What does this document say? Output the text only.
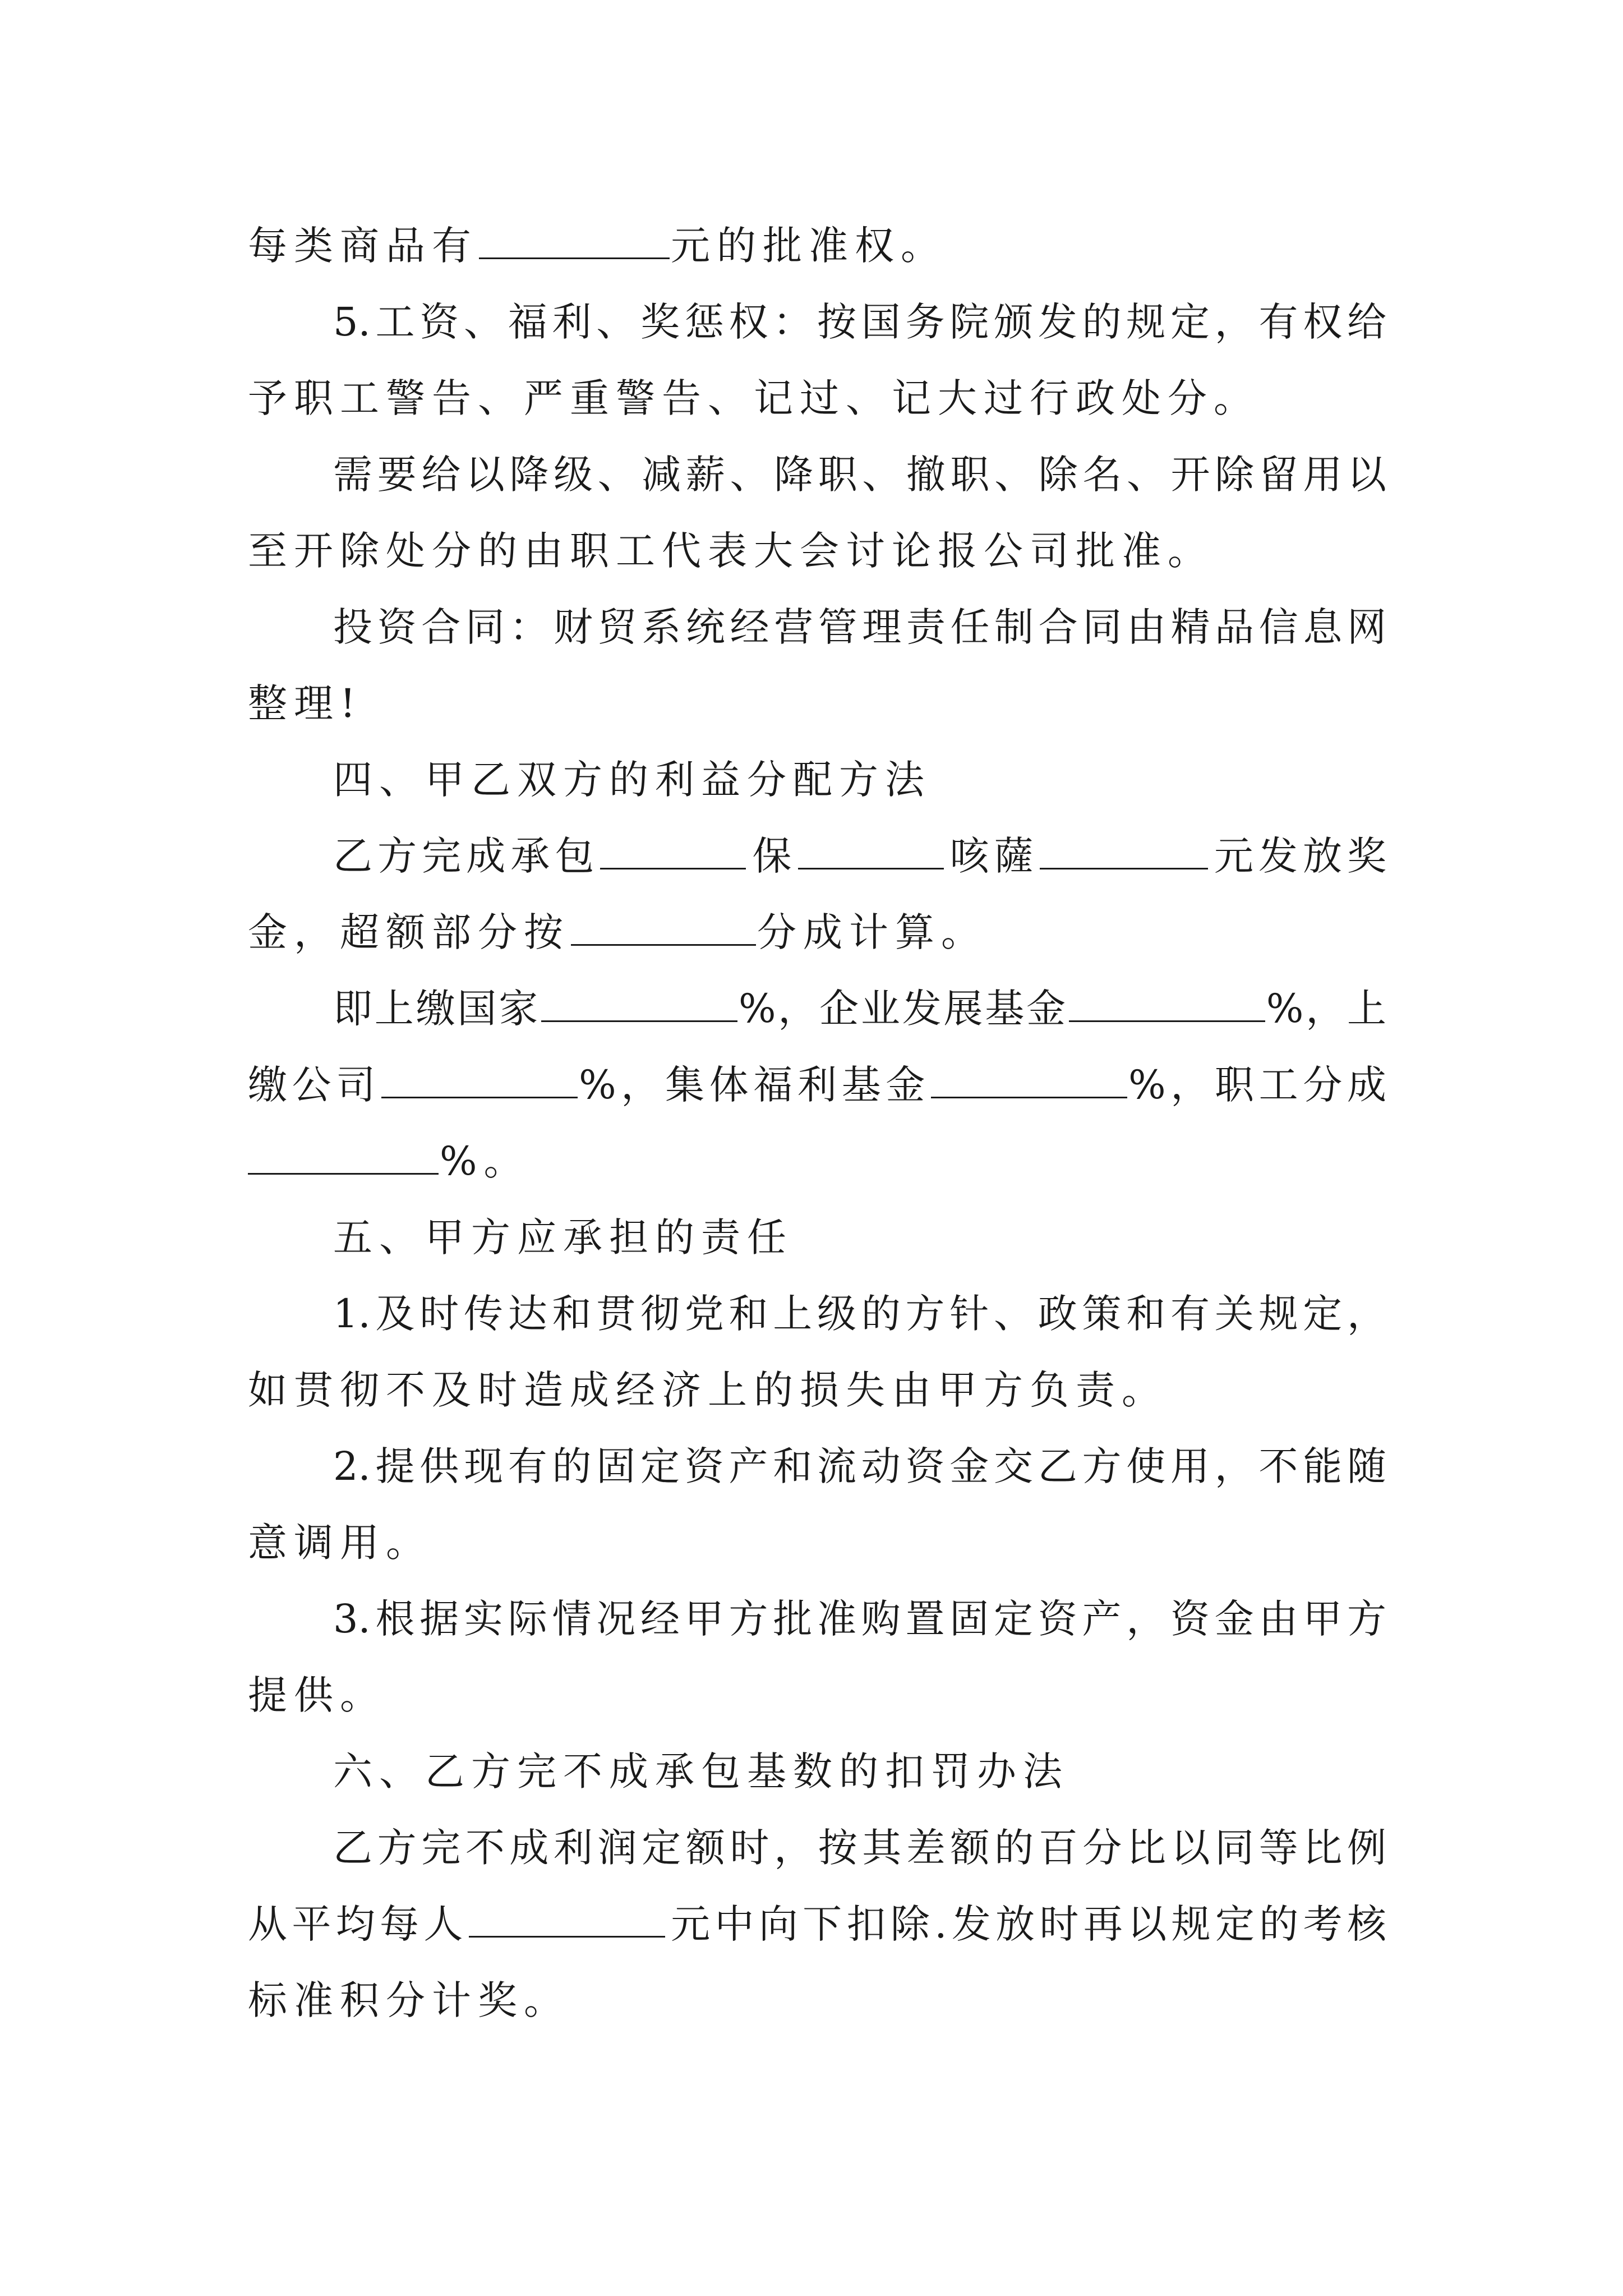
每类商品有	元的批准权。
5.工资、福利、奖惩权：按国务院颁发的规定，有权给
予职工警告、严重警告、记过、记大过行政处分。
需要给以降级、减薪、降职、撤职、除名、开除留用以
至开除处分的由职工代表大会讨论报公司批准。
投资合同：财贸系统经营管理责任制合同由精品信息网
整理!
四、甲乙双方的利益分配方法
乙方完成承包	保	咳薩	元发放奖
金，超额部分按	分成计算。
即上缴国家	%，企业发展基金	%，上
缴公司	%，集体福利基金	%，职工分成
%。
五、甲方应承担的责任
1.及时传达和贯彻党和上级的方针、政策和有关规定，
如贯彻不及时造成经济上的损失由甲方负责。
2.提供现有的固定资产和流动资金交乙方使用，不能随
意调用。
3.根据实际情况经甲方批准购置固定资产，资金由甲方
提供。
六、乙方完不成承包基数的扣罚办法
乙方完不成利润定额时，按其差额的百分比以同等比例
从平均每人	元中向下扣除.发放时再以规定的考核
标准积分计奖。
